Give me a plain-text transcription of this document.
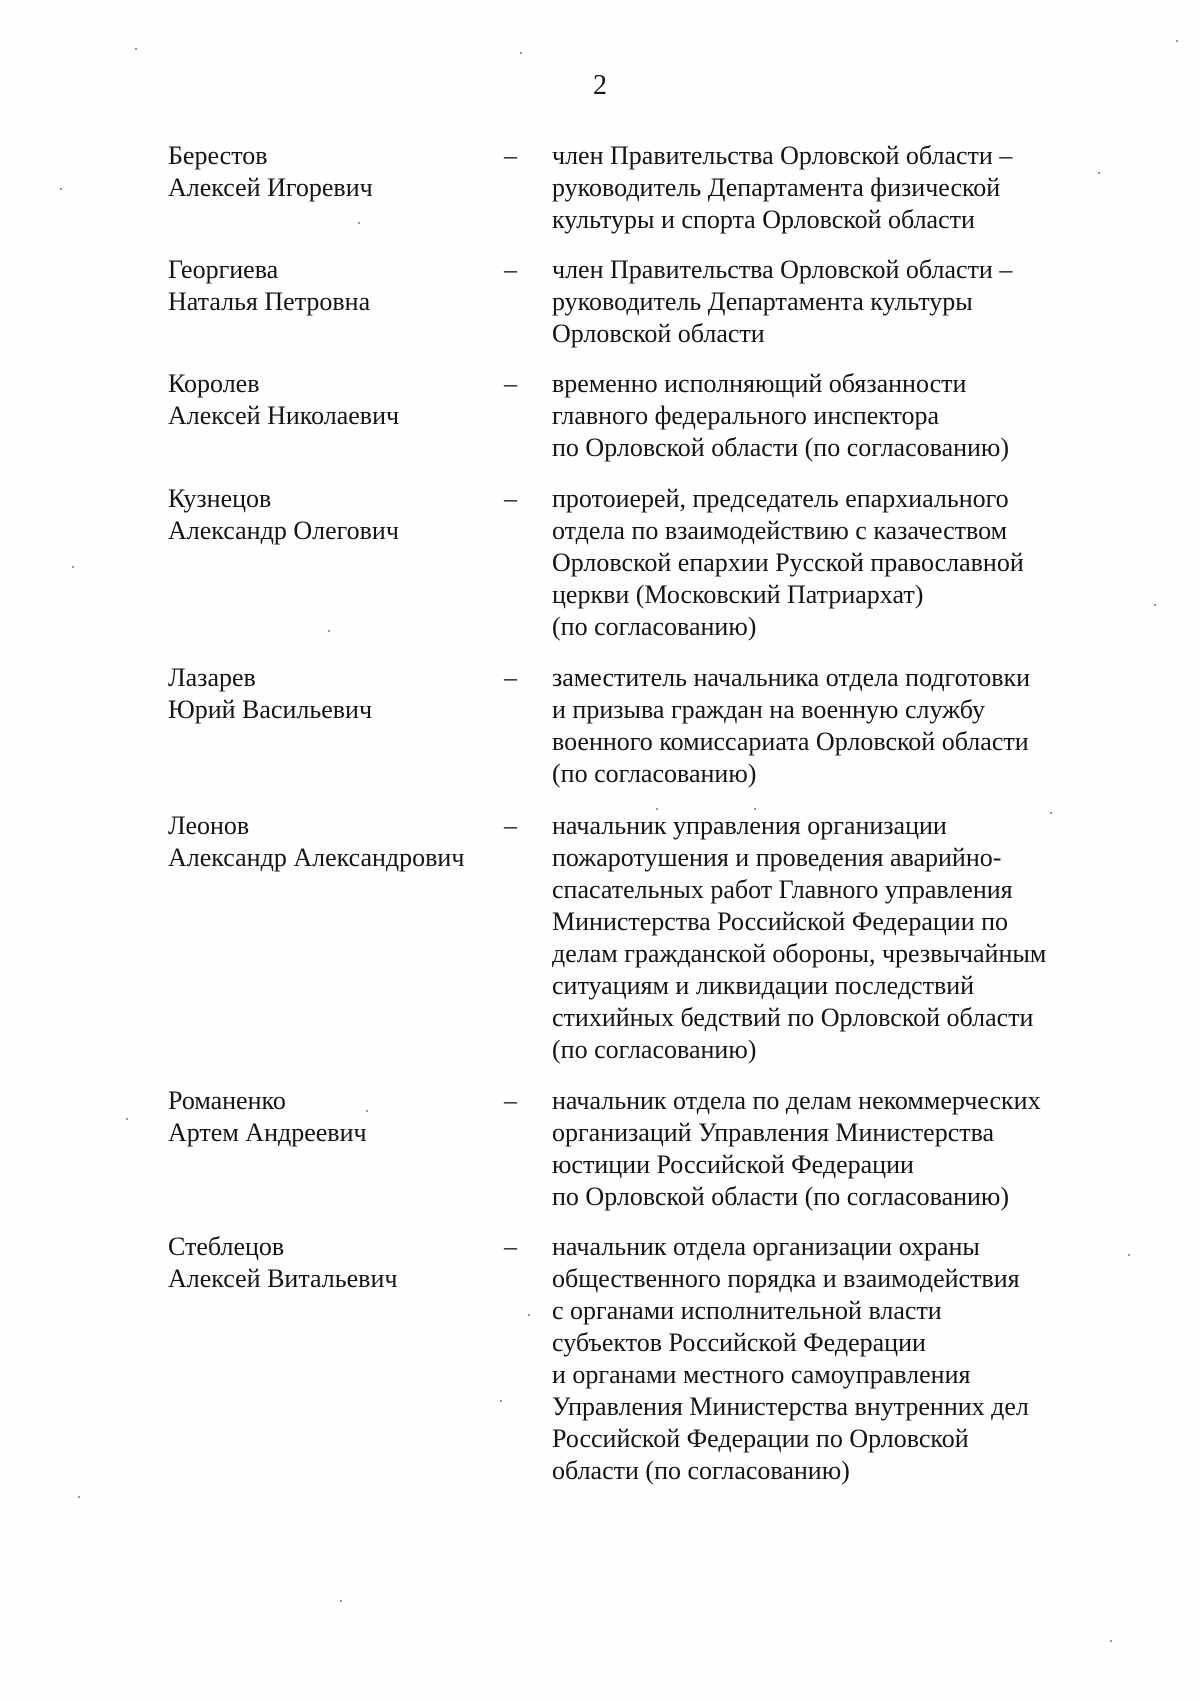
2
Берестов
Алексей Игоревич
–	член Правительства Орловской области –
руководитель Департамента физической
культуры и спорта Орловской области
Георгиева
Наталья Петровна
–	член Правительства Орловской области –
руководитель Департамента культуры
Орловской области
Королев
Алексей Николаевич
–	временно исполняющий обязанности
главного федерального инспектора
по Орловской области (по согласованию)
Кузнецов
Александр Олегович
–	протоиерей, председатель епархиального
отдела по взаимодействию с казачеством
Орловской епархии Русской православной
церкви (Московский Патриархат)
(по согласованию)
Лазарев
Юрий Васильевич
–	заместитель начальника отдела подготовки
и призыва граждан на военную службу
военного комиссариата Орловской области
(по согласованию)
Леонов
Александр Александрович
–	начальник управления организации
пожаротушения и проведения аварийно-
спасательных работ Главного управления
Министерства Российской Федерации по
делам гражданской обороны, чрезвычайным
ситуациям и ликвидации последствий
стихийных бедствий по Орловской области
(по согласованию)
Романенко
Артем Андреевич
–	начальник отдела по делам некоммерческих
организаций Управления Министерства
юстиции Российской Федерации
по Орловской области (по согласованию)
Стеблецов
Алексей Витальевич
–	начальник отдела организации охраны
общественного порядка и взаимодействия
с органами исполнительной власти
субъектов Российской Федерации
и органами местного самоуправления
Управления Министерства внутренних дел
Российской Федерации по Орловской
области (по согласованию)
